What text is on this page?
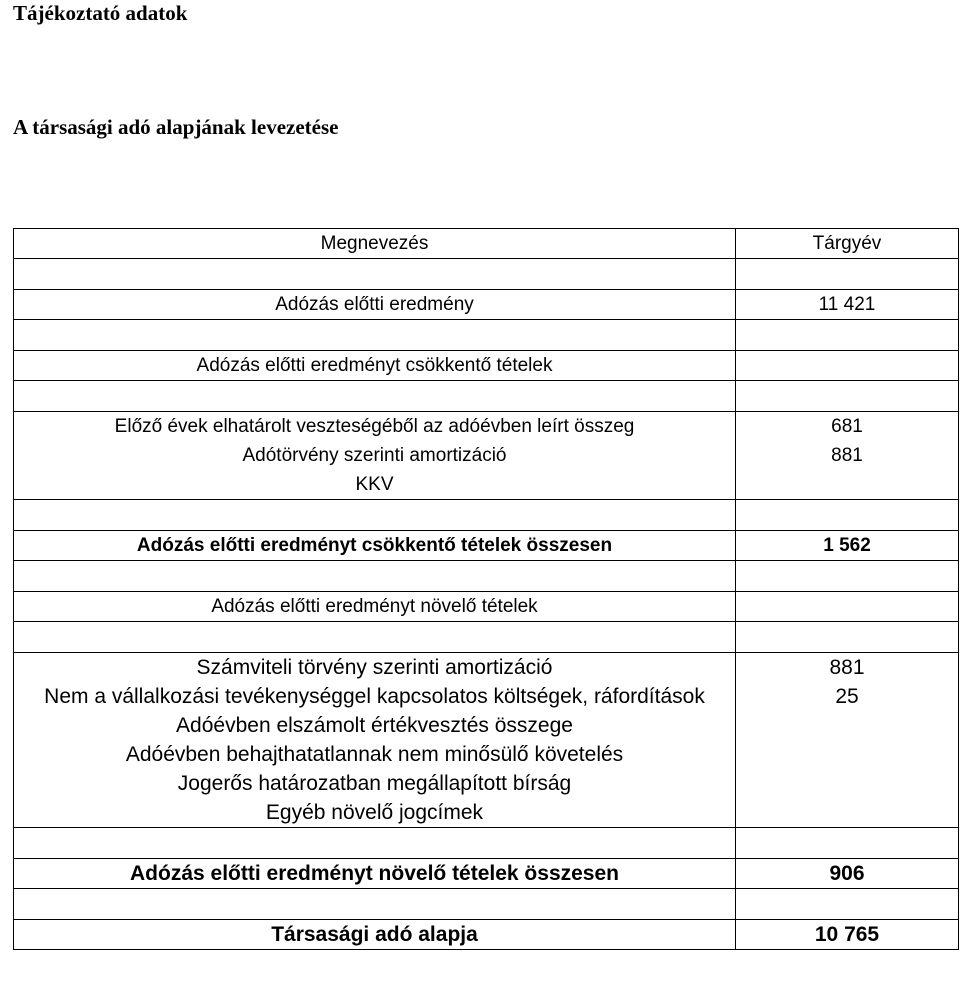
Tájékoztató adatok
A társasági adó alapjának levezetése
Megnevezés	Tárgyév

Adózás előtti eredmény	11 421

Adózás előtti eredményt csökkentő tételek	

Előző évek elhatárolt veszteségéből az adóévben leírt összeg	681
Adótörvény szerinti amortizáció	881
KKV	

Adózás előtti eredményt csökkentő tételek összesen	1 562

Adózás előtti eredményt növelő tételek	

Számviteli törvény szerinti amortizáció	881
Nem a vállalkozási tevékenységgel kapcsolatos költségek, ráfordítások	25
Adóévben elszámolt értékvesztés összege	
Adóévben behajthatatlannak nem minősülő követelés	
Jogerős határozatban megállapított bírság	
Egyéb növelő jogcímek	

Adózás előtti eredményt növelő tételek összesen	906

Társasági adó alapja	10 765
